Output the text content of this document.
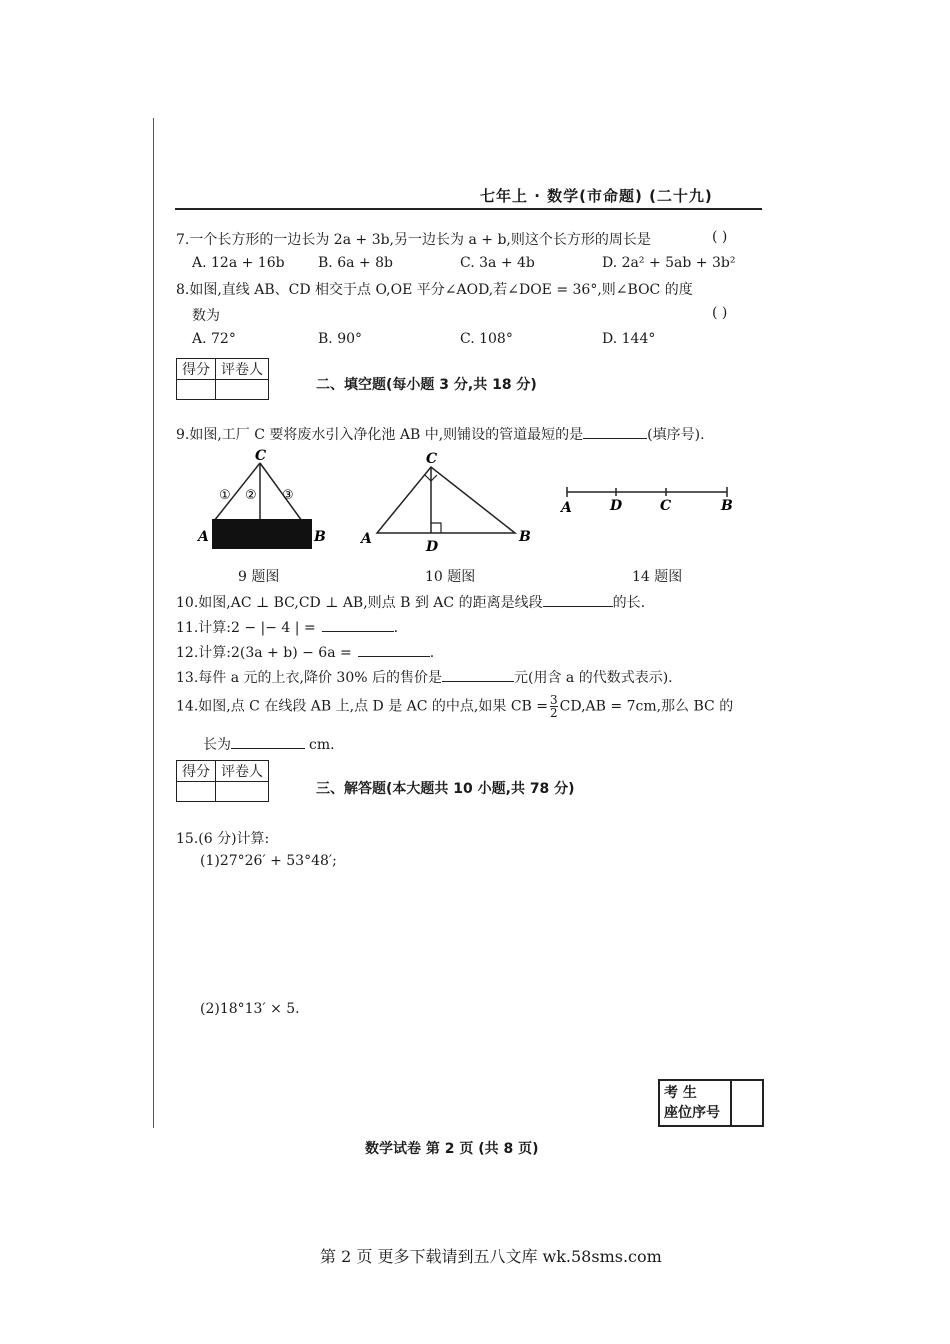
七年上 · 数学(市命题) (二十九)
7.一个长方形的一边长为 2a + 3b,另一边长为 a + b,则这个长方形的周长是	( )
A. 12a + 16b B. 6a + 8b	C. 3a + 4b	D. 2a² + 5ab + 3b²
8.如图,直线 AB、CD 相交于点 O,OE 平分∠AOD,若∠DOE = 36°,则∠BOC 的度
数为	( )
A. 72°	B. 90°	C. 108°	D. 144°
得分	评卷人

二、填空题(每小题 3 分,共 18 分)
9.如图,工厂 C 要将废水引入净化池 AB 中,则铺设的管道最短的是	(填序号).
C
A	B
① ② ③
9 题图
C
A	B
D
10 题图
A	D	C	B
14 题图
10.如图,AC ⊥ BC,CD ⊥ AB,则点 B 到 AC 的距离是线段	的长.
11.计算:2 − |− 4 | =	.
12.计算:2(3a + b) − 6a =	.
13.每件 a 元的上衣,降价 30% 后的售价是	元(用含 a 的代数式表示).
14.如图,点 C 在线段 AB 上,点 D 是 AC 的中点,如果 CB = $\frac{3}{2} CD,AB = 7cm$,那么 BC 的
长为	cm.
得分	评卷人

三、解答题(本大题共 10 小题,共 78 分)
15.(6 分)计算:
(1)27°26′ + 53°48′;
(2)18°13′ × 5.
考 生
座位序号
数学试卷 第 2 页 (共 8 页)
第 2 页 更多下载请到五八文库 wk.58sms.com
